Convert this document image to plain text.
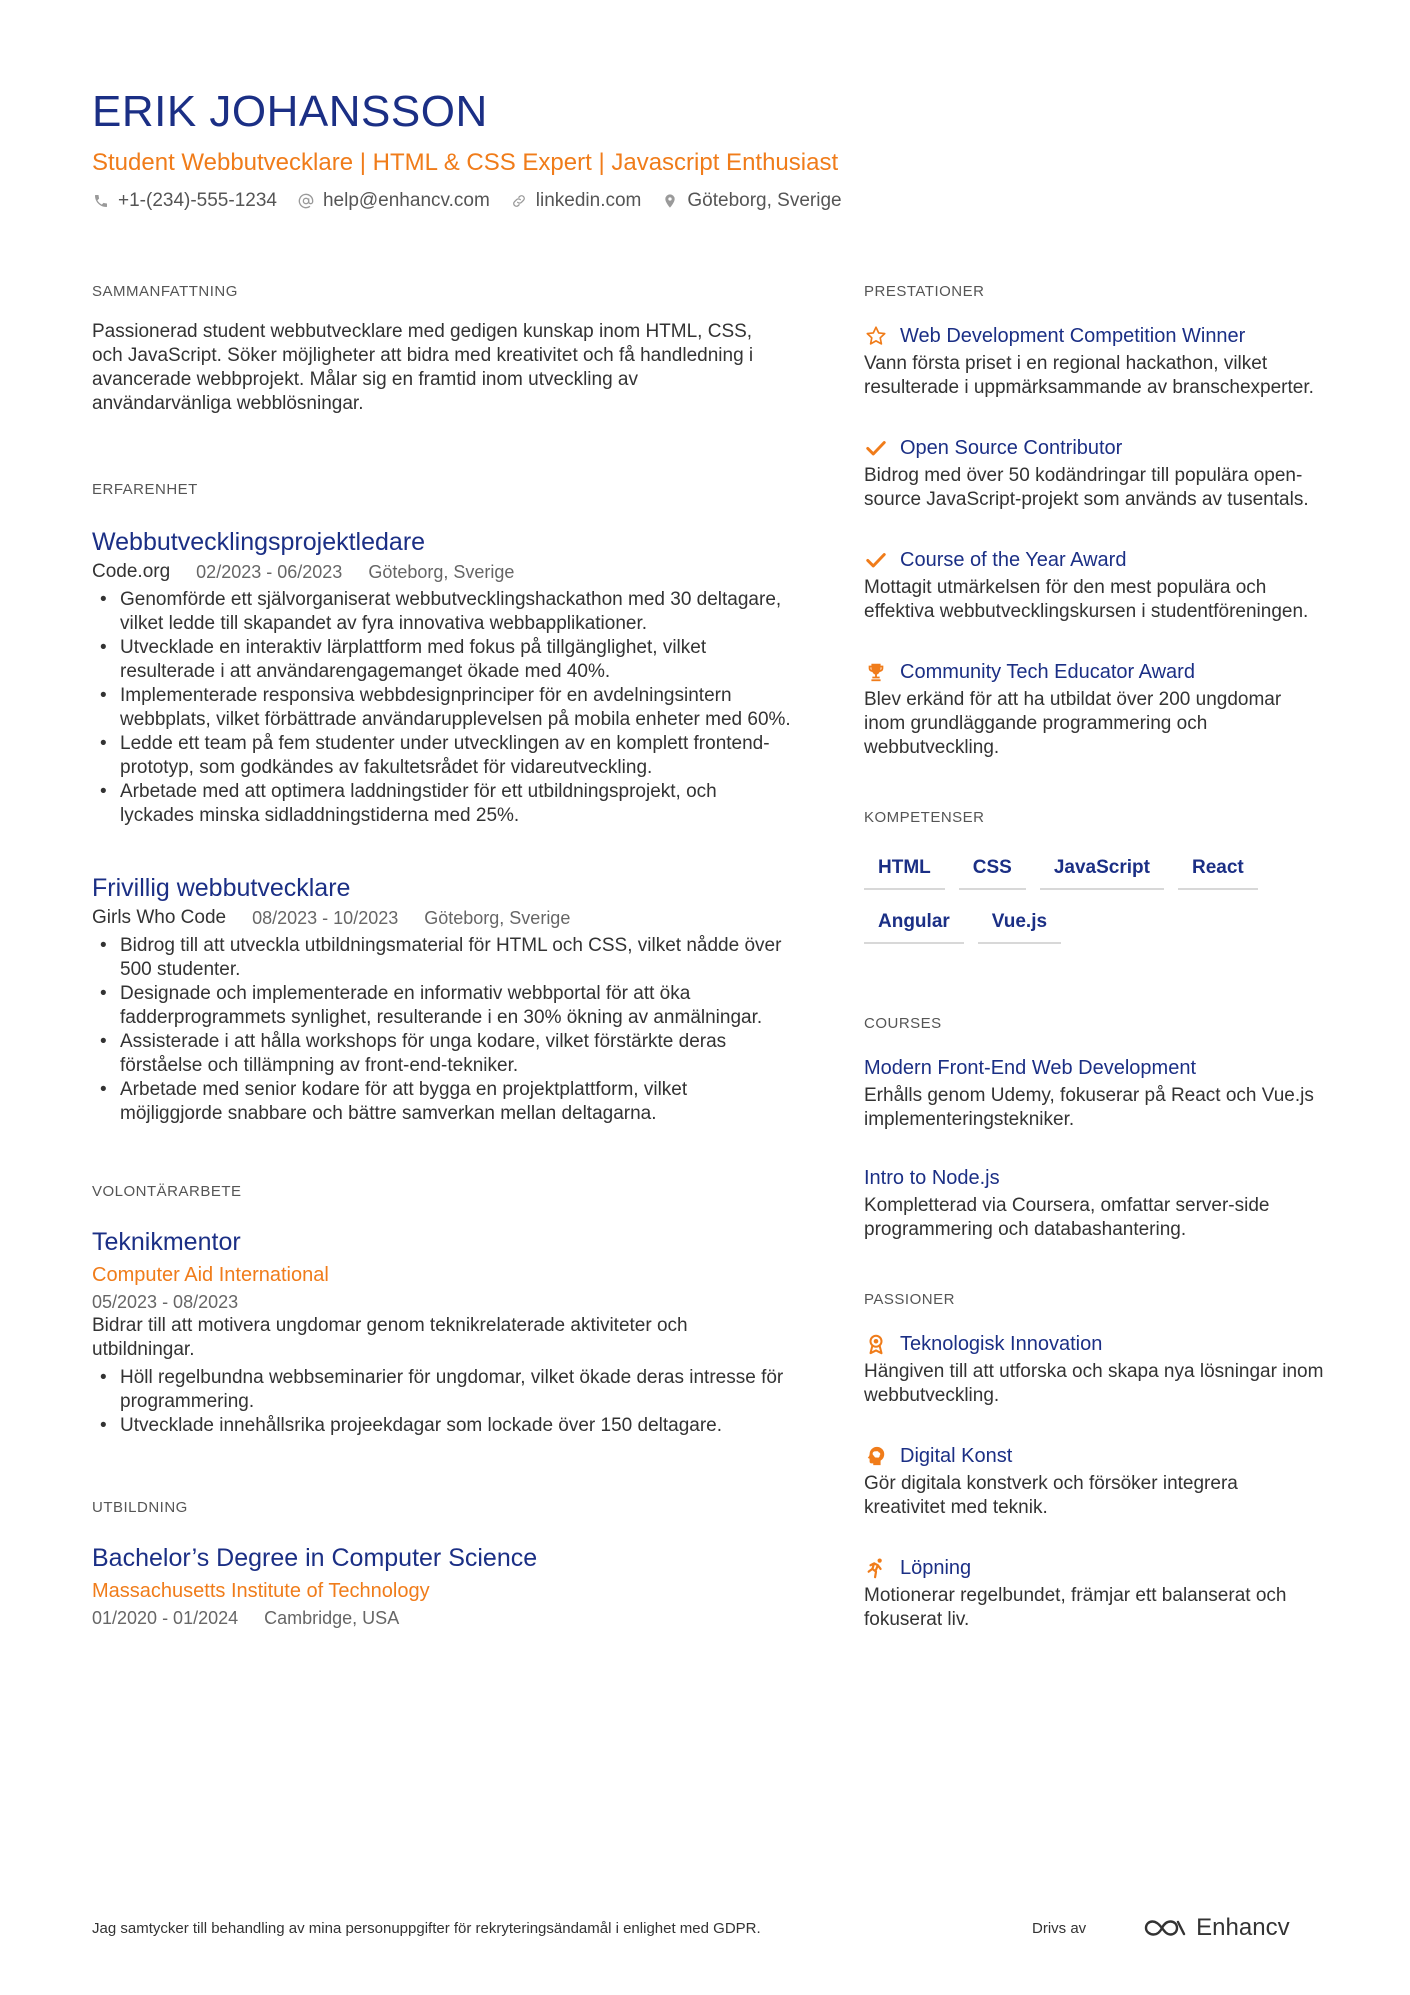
ERIK JOHANSSON
Student Webbutvecklare | HTML & CSS Expert | Javascript Enthusiast
+1-(234)-555-1234 help@enhancv.com linkedin.com Göteborg, Sverige
SAMMANFATTNING

Passionerad student webbutvecklare med gedigen kunskap inom HTML, CSS, och JavaScript. Söker möjligheter att bidra med kreativitet och få handledning i avancerade webbprojekt. Målar sig en framtid inom utveckling av användarvänliga webblösningar.

ERFARENHET
Webbutvecklingsprojektledare
Code.org 02/2023 - 06/2023 Göteborg, Sverige
• Genomförde ett självorganiserat webbutvecklingshackathon med 30 deltagare, vilket ledde till skapandet av fyra innovativa webbapplikationer.
• Utvecklade en interaktiv lärplattform med fokus på tillgänglighet, vilket resulterade i att användarengagemanget ökade med 40%.
• Implementerade responsiva webbdesignprinciper för en avdelningsintern webbplats, vilket förbättrade användarupplevelsen på mobila enheter med 60%.
• Ledde ett team på fem studenter under utvecklingen av en komplett frontend-prototyp, som godkändes av fakultetsrådet för vidareutveckling.
• Arbetade med att optimera laddningstider för ett utbildningsprojekt, och lyckades minska sidladdningstiderna med 25%.
Frivillig webbutvecklare
Girls Who Code 08/2023 - 10/2023 Göteborg, Sverige
• Bidrog till att utveckla utbildningsmaterial för HTML och CSS, vilket nådde över 500 studenter.
• Designade och implementerade en informativ webbportal för att öka fadderprogrammets synlighet, resulterande i en 30% ökning av anmälningar.
• Assisterade i att hålla workshops för unga kodare, vilket förstärkte deras förståelse och tillämpning av front-end-tekniker.
• Arbetade med senior kodare för att bygga en projektplattform, vilket möjliggjorde snabbare och bättre samverkan mellan deltagarna.
VOLONTÄRARBETE
Teknikmentor
Computer Aid International
05/2023 - 08/2023

Bidrar till att motivera ungdomar genom teknikrelaterade aktiviteter och utbildningar.

• Höll regelbundna webbseminarier för ungdomar, vilket ökade deras intresse för programmering.
• Utvecklade innehållsrika projeekdagar som lockade över 150 deltagare.
UTBILDNING
Bachelor’s Degree in Computer Science
Massachusetts Institute of Technology
01/2020 - 01/2024 Cambridge, USA
PRESTATIONER
Web Development Competition Winner

Vann första priset i en regional hackathon, vilket resulterade i uppmärksammande av branschexperter.

Open Source Contributor

Bidrog med över 50 kodändringar till populära open-source JavaScript-projekt som används av tusentals.

Course of the Year Award

Mottagit utmärkelsen för den mest populära och effektiva webbutvecklingskursen i studentföreningen.

Community Tech Educator Award

Blev erkänd för att ha utbildat över 200 ungdomar inom grundläggande programmering och webbutveckling.

KOMPETENSER
HTML	CSS	JavaScript	React
Angular	Vue.js
COURSES
Modern Front-End Web Development

Erhålls genom Udemy, fokuserar på React och Vue.js implementeringstekniker.

Intro to Node.js

Kompletterad via Coursera, omfattar server-side programmering och databashantering.

PASSIONER
Teknologisk Innovation

Hängiven till att utforska och skapa nya lösningar inom webbutveckling.

Digital Konst

Gör digitala konstverk och försöker integrera kreativitet med teknik.

Löpning

Motionerar regelbundet, främjar ett balanserat och fokuserat liv.

Jag samtycker till behandling av mina personuppgifter för rekryteringsändamål i enlighet med GDPR.	Drivs av	Enhancv
